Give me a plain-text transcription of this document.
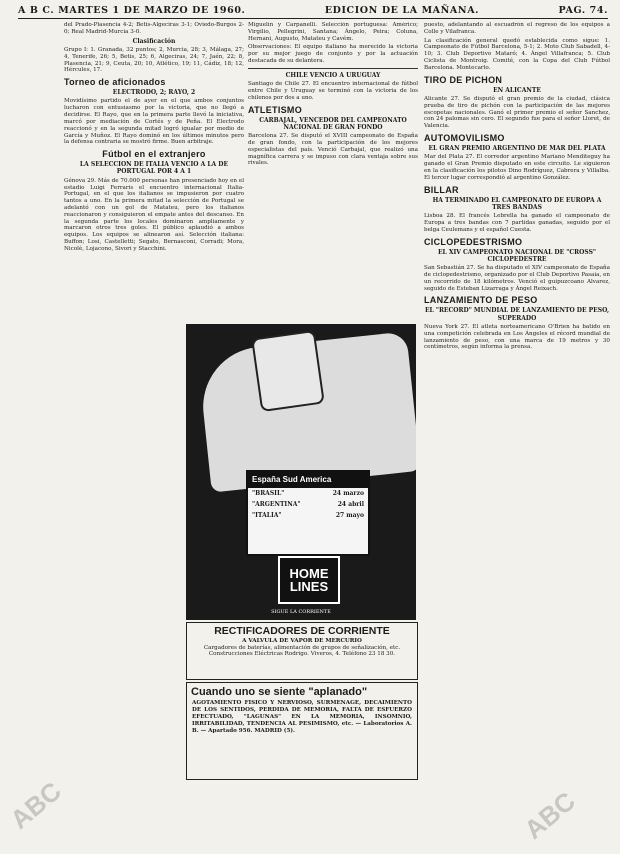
A B C. MARTES 1 DE MARZO DE 1960.	EDICION DE LA MAÑANA.	PAG. 74.

del Prado-Plasencia 4-2; Betis-Algeciras 3-1; Oviedo-Burgos 2-0; Real Madrid-Murcia 3-0.

Clasificación

Grupo I: 1. Granada, 32 puntos; 2, Murcia, 28; 3, Málaga, 27; 4, Tenerife, 26; 5, Betis, 25; 6, Algeciras, 24; 7, Jaén, 22; 8, Plasencia, 21; 9, Ceuta, 20; 10, Atlético, 19; 11, Cádiz, 18; 12, Hércules, 17.

Torneo de aficionados
ELECTRODO, 2; RAYO, 2

Movidísimo partido el de ayer en el que ambos conjuntos lucharon con entusiasmo por la victoria, que no llegó a decidirse. El Rayo, que en la primera parte llevó la iniciativa, marcó por mediación de Cortés y de Peña. El Electrodo reaccionó y en la segunda mitad logró igualar por medio de García y Muñoz. El Rayo dominó en los últimos minutos pero la defensa contraria se mostró firme. Buen arbitraje.

Fútbol en el extranjero
LA SELECCION DE ITALIA VENCIO A LA DE PORTUGAL POR 4 A 1

Génova 29. Más de 70.000 personas han presenciado hoy en el estadio Luigi Ferraris el encuentro internacional Italia-Portugal, en el que los italianos se impusieron por cuatro tantos a uno. En la primera mitad la selección de Portugal se adelantó con un gol de Matateu, pero los italianos reaccionaron y consiguieron el empate antes del descanso. En la segunda parte los locales dominaron ampliamente y marcaron otros tres goles. El público aplaudió a ambos equipos. Los equipos se alinearon así. Selección italiana: Buffon; Losi, Castelletti; Segato, Bernasconi, Corradi; Mora, Nicolè, Lojacono, Sivori y Stacchini.

Miguelín y Carpanelli. Selección portuguesa: Américo; Virgilio, Pellegrini, Santana; Ángelo, Peira; Coluna, Hernani, Augusto, Matateu y Cavém.

Observaciones: El equipo italiano ha merecido la victoria por su mejor juego de conjunto y por la actuación destacada de su delantera.

CHILE VENCIO A URUGUAY

Santiago de Chile 27. El encuentro internacional de fútbol entre Chile y Uruguay se terminó con la victoria de los chilenos por dos a uno.

ATLETISMO
CARBAJAL, VENCEDOR DEL CAMPEONATO NACIONAL DE GRAN FONDO

Barcelona 27. Se disputó el XVIII campeonato de España de gran fondo, con la participación de los mejores especialistas del país. Venció Carbajal, que realizó una magnífica carrera y se impuso con clara ventaja sobre sus rivales.

España Sud America
"BRASIL"	24 marzo
"ARGENTINA"	24 abril
"ITALIA"	27 mayo
HOME
LINES
SIGUE LA CORRIENTE
RECTIFICADORES DE CORRIENTE
A VALVULA DE VAPOR DE MERCURIO
Cargadores de baterías, alimentación de grupos de señalización, etc. Construcciones Eléctricas Rodrigo. Viveros, 4. Teléfono 23 18 30.
Cuando uno se siente "aplanado"
AGOTAMIENTO FISICO Y NERVIOSO, SURMENAGE, DECAIMIENTO DE LOS SENTIDOS, PERDIDA DE MEMORIA, FALTA DE ESFUERZO EFECTUADO, "LAGUNAS" EN LA MEMORIA, INSOMNIO, IRRITABILIDAD, TENDENCIA AL PESIMISMO, etc. — Laboratorios A. B. — Apartado 956. MADRID (5).

puesto, adelantando al escuadrón el regreso de los equipos a Colle y Vilafranca.

La clasificación general quedó establecida como sigue: 1. Campeonato de Fútbol Barcelona, 5-1; 2. Moto Club Sabadell, 4-10; 3. Club Deportivo Mataró; 4. Ángel Villafranca; 5. Club Ciclista de Montroig. Comité, con la Copa del Club Fútbol Barcelona. Montecarlo.

TIRO DE PICHON
EN ALICANTE

Alicante 27. Se disputó el gran premio de la ciudad, clásica prueba de tiro de pichón con la participación de las mejores escopetas nacionales. Ganó el primer premio el señor Sanchez, con 24 palomas sin cero. El segundo fue para el señor Lloret, de Valencia.

AUTOMOVILISMO
EL GRAN PREMIO ARGENTINO DE MAR DEL PLATA

Mar del Plata 27. El corredor argentino Mariano Menditeguy ha ganado el Gran Premio disputado en este circuito. Le siguieron en la clasificación los pilotos Dino Rodríguez, Cabrera y Villalba. El tercer lugar correspondió al argentino González.

BILLAR
HA TERMINADO EL CAMPEONATO DE EUROPA A TRES BANDAS

Lisboa 28. El francés Lebrella ha ganado el campeonato de Europa a tres bandas con 7 partidas ganadas, seguido por el belga Ceulemans y el español Cuesta.

CICLOPEDESTRISMO
EL XIV CAMPEONATO NACIONAL DE "CROSS" CICLOPEDESTRE

San Sebastián 27. Se ha disputado el XIV campeonato de España de ciclopedestrismo, organizado por el Club Deportivo Pasaia, en un recorrido de 18 kilómetros. Venció el guipuzcoano Alvarez, seguido de Esteban Lizarraga y Ángel Reixach.

LANZAMIENTO DE PESO
EL "RECORD" MUNDIAL DE LANZAMIENTO DE PESO, SUPERADO

Nueva York 27. El atleta norteamericano O'Brien ha batido en una competición celebrada en Los Ángeles el récord mundial de lanzamiento de peso, con una marca de 19 metros y 30 centímetros, según informa la prensa.

ABC	ABC
